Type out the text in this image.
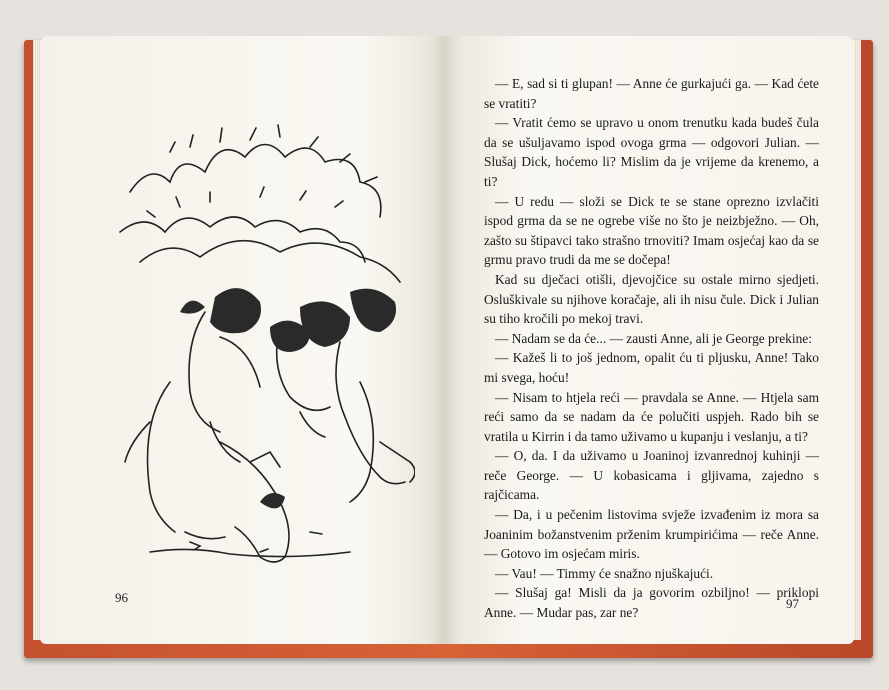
96

— E, sad si ti glupan! — Anne će gurkajući ga. — Kad ćete se vratiti?

— Vratit ćemo se upravo u onom trenutku kada budeš čula da se ušuljavamo ispod ovoga grma — odgovori Julian. — Slušaj Dick, hoćemo li? Mislim da je vrijeme da krenemo, a ti?

— U redu — složi se Dick te se stane oprezno izvlačiti ispod grma da se ne ogrebe više no što je neizbježno. — Oh, zašto su štipavci tako strašno trnoviti? Imam osjećaj kao da se grmu pravo trudi da me se dočepa!

Kad su dječaci otišli, djevojčice su ostale mirno sjedjeti. Osluškivale su njihove koračaje, ali ih nisu čule. Dick i Julian su tiho kročili po mekoj travi.

— Nadam se da će... — zausti Anne, ali je George prekine:

— Kažeš li to još jednom, opalit ću ti pljusku, Anne! Tako mi svega, hoću!

— Nisam to htjela reći — pravdala se Anne. — Htjela sam reći samo da se nadam da će polučiti uspjeh. Rado bih se vratila u Kirrin i da tamo uživamo u kupanju i veslanju, a ti?

— O, da. I da uživamo u Joaninoj izvanrednoj kuhinji — reče George. — U kobasicama i gljivama, zajedno s rajčicama.

— Da, i u pečenim listovima svježe izvađenim iz mora sa Joaninim božanstvenim prženim krumpirićima — reče Anne. — Gotovo im osjećam miris.

— Vau! — Timmy će snažno njuškajući.

— Slušaj ga! Misli da ja govorim ozbiljno! — priklopi Anne. — Mudar pas, zar ne?

97
